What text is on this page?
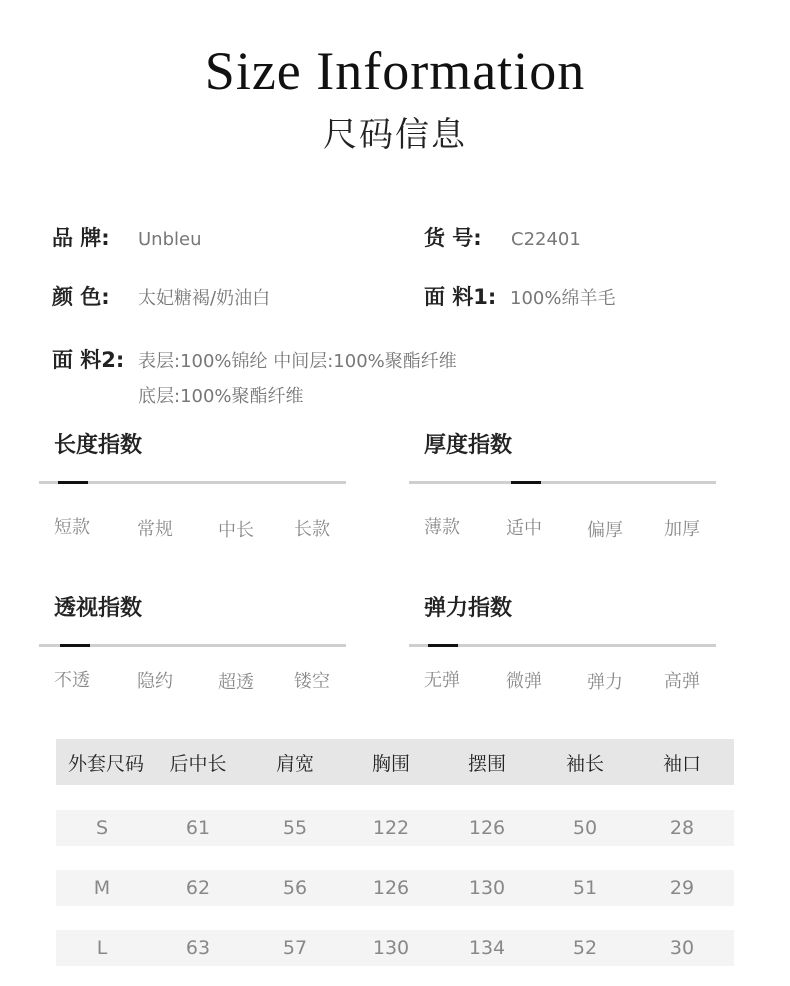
Size Information
尺码信息
品 牌: Unbleu	货 号: C22401
颜 色: 太妃糖褐/奶油白	面 料1: 100%绵羊毛
面 料2: 表层:100%锦纶 中间层:100%聚酯纤维
底层:100%聚酯纤维
长度指数
短款	常规	中长 长款
厚度指数
薄款	适中	偏厚 加厚
透视指数
不透	隐约	超透 镂空
弹力指数
无弹	微弹	弹力 高弹
外套尺码	后中长	肩宽	胸围	摆围	袖长	袖口
S	61	55	122	126	50	28
M	62	56	126	130	51	29
L	63	57	130	134	52	30
